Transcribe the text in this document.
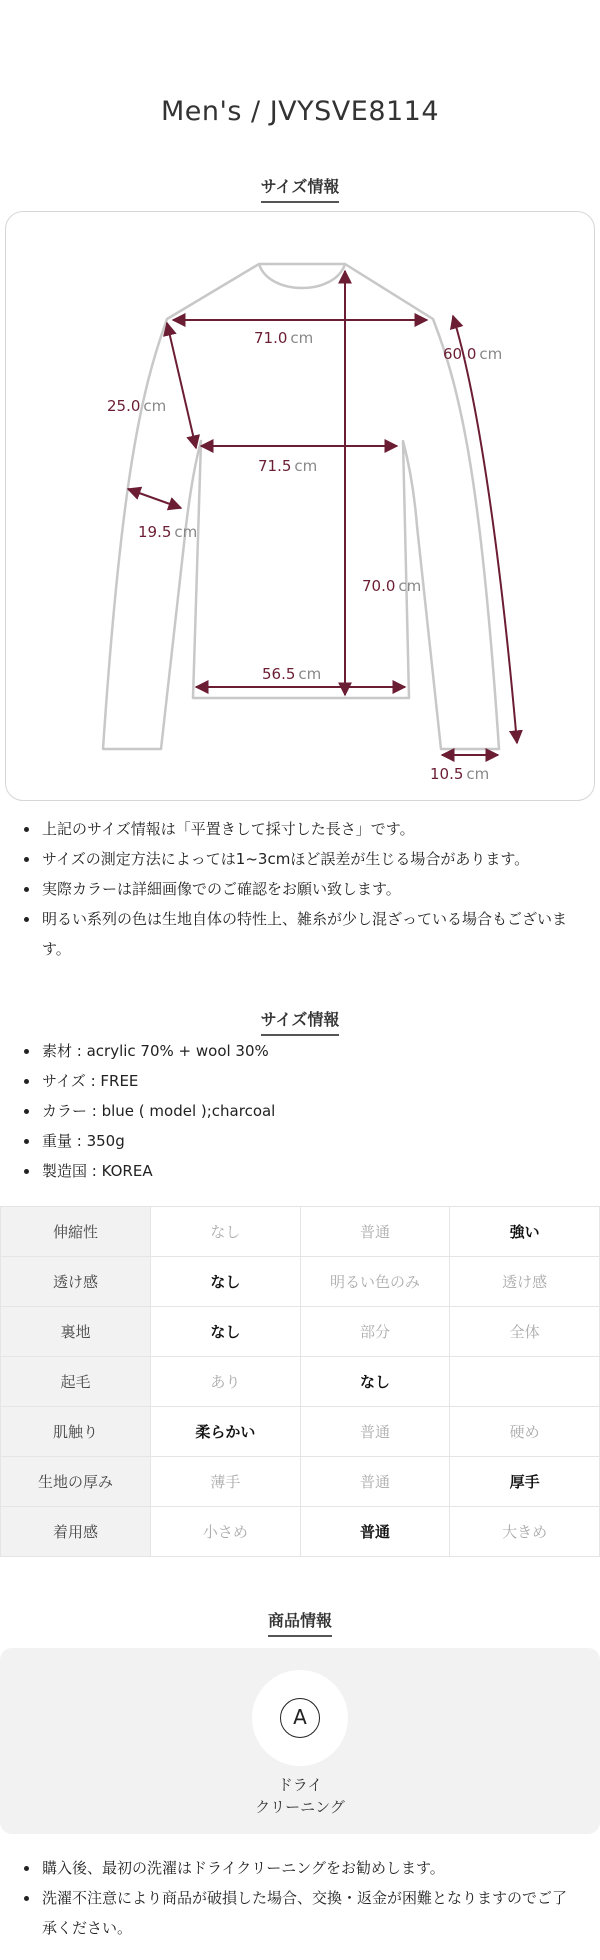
Men's / JVYSVE8114
サイズ情報
71.0 cm
60.0 cm
25.0 cm
71.5 cm
19.5 cm
70.0 cm
56.5 cm
10.5 cm
上記のサイズ情報は「平置きして採寸した長さ」です。
サイズの測定方法によっては1~3cmほど誤差が生じる場合があります。
実際カラーは詳細画像でのご確認をお願い致します。
明るい系列の色は生地自体の特性上、雑糸が少し混ざっている場合もございます。
サイズ情報
素材 : acrylic 70% + wool 30%
サイズ : FREE
カラー : blue ( model );charcoal
重量 : 350g
製造国 : KOREA
伸縮性	なし	普通	強い
透け感	なし	明るい色のみ	透け感
裏地	なし	部分	全体
起毛	あり	なし	
肌触り	柔らかい	普通	硬め
生地の厚み	薄手	普通	厚手
着用感	小さめ	普通	大きめ
商品情報
A
ドライ
クリーニング
購入後、最初の洗濯はドライクリーニングをお勧めします。
洗濯不注意により商品が破損した場合、交換・返金が困難となりますのでご了承ください。
